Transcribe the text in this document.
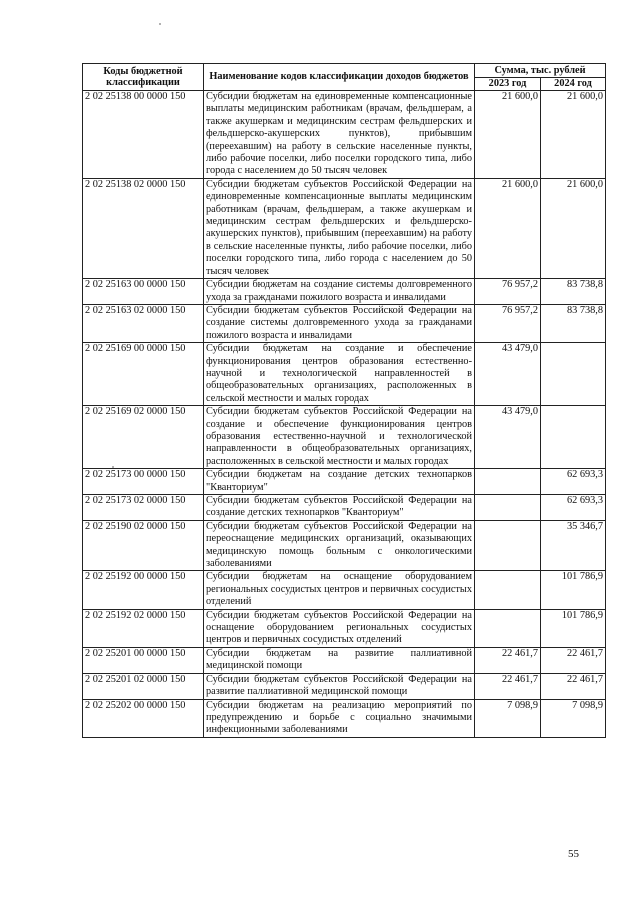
Коды бюджетной классификации	Наименование кодов классификации доходов бюджетов	Сумма, тыс. рублей	
		2023 год	2024 год
2 02 25138 00 0000 150	Субсидии бюджетам на единовременные компенсационные выплаты медицинским работникам (врачам, фельдшерам, а также акушеркам и медицинским сестрам фельдшерских и фельдшерско-акушерских пунктов), прибывшим (переехавшим) на работу в сельские населенные пункты, либо рабочие поселки, либо поселки городского типа, либо города с населением до 50 тысяч человек	21 600,0	21 600,0
2 02 25138 02 0000 150	Субсидии бюджетам субъектов Российской Федерации на единовременные компенсационные выплаты медицинским работникам (врачам, фельдшерам, а также акушеркам и медицинским сестрам фельдшерских и фельдшерско-акушерских пунктов), прибывшим (переехавшим) на работу в сельские населенные пункты, либо рабочие поселки, либо поселки городского типа, либо города с населением до 50 тысяч человек	21 600,0	21 600,0
2 02 25163 00 0000 150	Субсидии бюджетам на создание системы долговременного ухода за гражданами пожилого возраста и инвалидами	76 957,2	83 738,8
2 02 25163 02 0000 150	Субсидии бюджетам субъектов Российской Федерации на создание системы долговременного ухода за гражданами пожилого возраста и инвалидами	76 957,2	83 738,8
2 02 25169 00 0000 150	Субсидии бюджетам на создание и обеспечение функционирования центров образования естественно-научной и технологической направленностей в общеобразовательных организациях, расположенных в сельской местности и малых городах	43 479,0	
2 02 25169 02 0000 150	Субсидии бюджетам субъектов Российской Федерации на создание и обеспечение функционирования центров образования естественно-научной и технологической направленности в общеобразовательных организациях, расположенных в сельской местности и малых городах	43 479,0	
2 02 25173 00 0000 150	Субсидии бюджетам на создание детских технопарков "Кванториум"		62 693,3
2 02 25173 02 0000 150	Субсидии бюджетам субъектов Российской Федерации на создание детских технопарков "Кванториум"		62 693,3
2 02 25190 02 0000 150	Субсидии бюджетам субъектов Российской Федерации на переоснащение медицинских организаций, оказывающих медицинскую помощь больным с онкологическими заболеваниями		35 346,7
2 02 25192 00 0000 150	Субсидии бюджетам на оснащение оборудованием региональных сосудистых центров и первичных сосудистых отделений		101 786,9
2 02 25192 02 0000 150	Субсидии бюджетам субъектов Российской Федерации на оснащение оборудованием региональных сосудистых центров и первичных сосудистых отделений		101 786,9
2 02 25201 00 0000 150	Субсидии бюджетам на развитие паллиативной медицинской помощи	22 461,7	22 461,7
2 02 25201 02 0000 150	Субсидии бюджетам субъектов Российской Федерации на развитие паллиативной медицинской помощи	22 461,7	22 461,7
2 02 25202 00 0000 150	Субсидии бюджетам на реализацию мероприятий по предупреждению и борьбе с социально значимыми инфекционными заболеваниями	7 098,9	7 098,9
55
